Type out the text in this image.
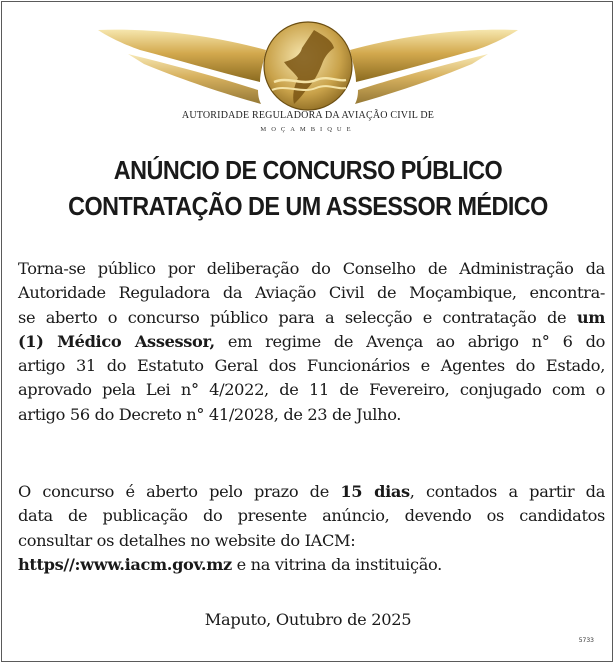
AUTORIDADE REGULADORA DA AVIAÇÃO CIVIL DE
MOÇAMBIQUE
ANÚNCIO DE CONCURSO PÚBLICO
CONTRATAÇÃO DE UM ASSESSOR MÉDICO
Torna-se público por deliberação do Conselho de Administração da
Autoridade Reguladora da Aviação Civil de Moçambique, encontra-
se aberto o concurso público para a selecção e contratação de um
(1) Médico Assessor, em regime de Avença ao abrigo n° 6 do
artigo 31 do Estatuto Geral dos Funcionários e Agentes do Estado,
aprovado pela Lei n° 4/2022, de 11 de Fevereiro, conjugado com o
artigo 56 do Decreto n° 41/2028, de 23 de Julho.
O concurso é aberto pelo prazo de 15 dias, contados a partir da
data de publicação do presente anúncio, devendo os candidatos
consultar os detalhes no website do IACM:
https//:www.iacm.gov.mz e na vitrina da instituição.
Maputo, Outubro de 2025
5733
